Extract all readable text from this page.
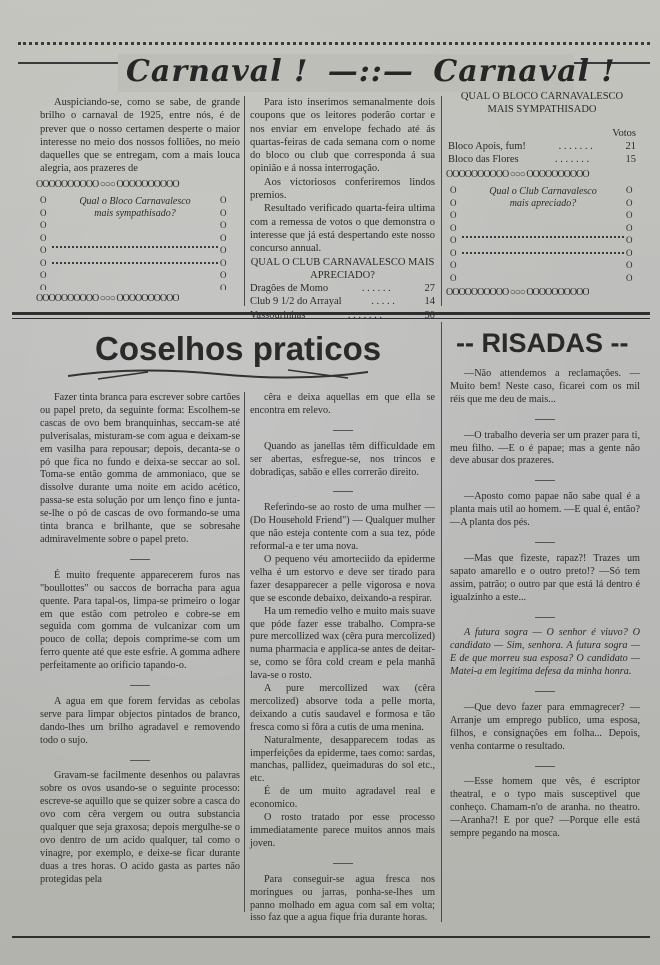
Carnaval ! —::— Carnaval !

Auspiciando-se, como se sabe, de grande brilho o carnaval de 1925, entre nós, é de prever que o nosso certamen desperte o maior interesse no meio dos nossos folliões, no meio daquelles que se entregam, com a mais louca alegria, aos prazeres de

OOOOOOOOOO ○○○ OOOOOOOOOO
O
O
O
O
O
O
O
O
O
O
O
O
O
O
O
O
Qual o Bloco Carnavalesco
mais sympathisado?
OOOOOOOOOO ○○○ OOOOOOOOOO

Para isto inserimos semanalmente dois coupons que os leitores poderão cortar e nos enviar em envelope fechado até ás quartas-feiras de cada semana com o nome do bloco ou club que corresponda á sua opinião e á nossa interrogação.

Aos victoriosos conferiremos lindos premios.

Resultado verificado quarta-feira ultima com a remessa de votos o que demonstra o interesse que já está despertando este nosso concurso annual.

QUAL O CLUB CARNAVALESCO MAIS APRECIADO?

Dragões de Momo	. . . . . .	27
Club 9 1/2 do Arrayal	. . . . .	14
Vassourinhas	. . . . . . .	30

QUAL O BLOCO CARNAVALESCO MAIS SYMPATHISADO

Votos

Bloco Apois, fum!	. . . . . . .	21
Bloco das Flores	. . . . . . .	15
OOOOOOOOOO ○○○ OOOOOOOOOO
O
O
O
O
O
O
O
O
O
O
O
O
O
O
O
O
Qual o Club Carnavalesco
mais apreciado?
OOOOOOOOOO ○○○ OOOOOOOOOO
Coselhos praticos	-- RISADAS --

Fazer tinta branca para escrever sobre cartões ou papel preto, da seguinte forma: Escolhem-se cascas de ovo bem branquinhas, seccam-se até pulverisalas, misturam-se com agua e deixam-se em vasilha para repousar; depois, decanta-se o pó que fica no fundo e deixa-se seccar ao sol. Toma-se então gomma de ammoniaco, que se dissolve durante uma noite em acido acético, passa-se esta solução por um lenço fino e junta-se-lhe o pó de cascas de ovo formando-se uma tinta branca e brilhante, que se sobresahe admiravelmente sobre o papel preto.

É muito frequente apparecerem furos nas "boullottes" ou saccos de borracha para agua quente. Para tapal-os, limpa-se primeiro o logar em que estão com petroleo e cobre-se em seguida com gomma de vulcanizar com um pouco de colla; depois comprime-se com um ferro quente até que este esfrie. A gomma adhere perfeitamente ao orificio tapando-o.

A agua em que forem fervidas as cebolas serve para limpar objectos pintados de branco, dando-lhes um brilho agradavel e removendo todo o sujo.

Gravam-se facilmente desenhos ou palavras sobre os ovos usando-se o seguinte processo: escreve-se aquillo que se quizer sobre a casca do ovo com cêra vergem ou outra substancia qualquer que seja graxosa; depois mergulhe-se o ovo dentro de um acido qualquer, tal como o vinagre, por exemplo, e deixe-se ficar durante duas a tres horas. O acido gasta as partes não protegidas pela

cêra e deixa aquellas em que ella se encontra em relevo.

Quando as janellas têm difficuldade em ser abertas, esfregue-se, nos trincos e dobradiças, sabão e elles correrão direito.

Referindo-se ao rosto de uma mulher — (Do Household Friend") — Qualquer mulher que não esteja contente com a sua tez, póde reformal-a e ter uma nova.

O pequeno véu amorteciido da epiderme velha é um estorvo e deve ser tirado para fazer desapparecer a pelle vigorosa e nova que se esconde debaixo, deixando-a respirar.

Ha um remedio velho e muito mais suave que póde fazer esse trabalho. Compra-se pure mercollized wax (cêra pura mercolized) numa pharmacia e applica-se antes de deitar-se, como se fôra cold cream e pela manhã lava-se o rosto.

A pure mercollized wax (cêra mercolized) absorve toda a pelle morta, deixando a cutis saudavel e formosa e tão fresca como si fôra a cutis de uma menina.

Naturalmente, desapparecem todas as imperfeições da epiderme, taes como: sardas, manchas, pallidez, queimaduras do sol etc., etc.

É de um muito agradavel real e economico.

O rosto tratado por esse processo immediatamente parece muitos annos mais joven.

Para conseguir-se agua fresca nos moringues ou jarras, ponha-se-lhes um panno molhado em agua com sal em volta; isso faz que a agua fique fria durante horas.

—Não attendemos a reclamações. —Muito bem! Neste caso, ficarei com os mil réis que me deu de mais...

—O trabalho deveria ser um prazer para ti, meu filho. —E o é papae; mas a gente não deve abusar dos prazeres.

—Aposto como papae não sabe qual é a planta mais util ao homem. —E qual é, então? —A planta dos pés.

—Mas que fizeste, rapaz?! Trazes um sapato amarello e o outro preto!? —Só tem assim, patrão; o outro par que está lá dentro é igualzinho a este...

A futura sogra — O senhor é viuvo? O candidato — Sim, senhora. A futura sogra — E de que morreu sua esposa? O candidato — Matei-a em legitima defesa da minha honra.

—Que devo fazer para emmagrecer? —Arranje um emprego publico, uma esposa, filhos, e consignações em folha... Depois, venha contarme o resultado.

—Esse homem que vês, é escriptor theatral, e o typo mais susceptivel que conheço. Chamam-n'o de aranha. no theatro. —Aranha?! E por que? —Porque elle está sempre pegando na mosca.
